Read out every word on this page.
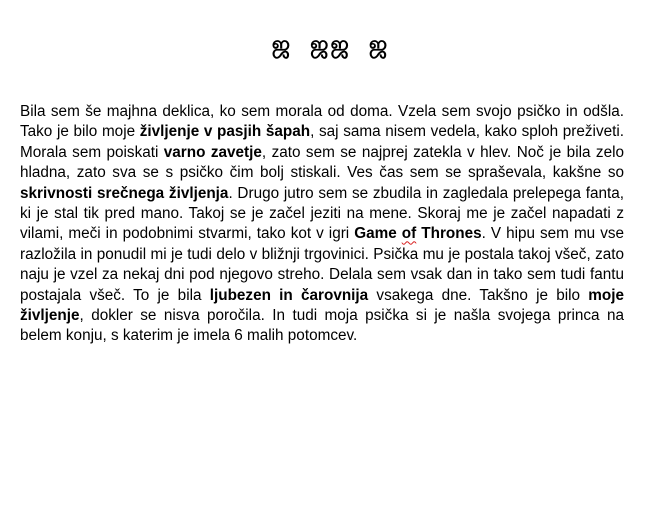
ஜ ஜஜ ஜ
Bila sem še majhna deklica, ko sem morala od doma. Vzela sem svojo psičko in odšla. Tako je bilo moje življenje v pasjih šapah, saj sama nisem vedela, kako sploh preživeti. Morala sem poiskati varno zavetje, zato sem se najprej zatekla v hlev. Noč je bila zelo hladna, zato sva se s psičko čim bolj stiskali. Ves čas sem se spraševala, kakšne so skrivnosti srečnega življenja. Drugo jutro sem se zbudila in zagledala prelepega fanta, ki je stal tik pred mano. Takoj se je začel jeziti na mene. Skoraj me je začel napadati z vilami, meči in podobnimi stvarmi, tako kot v igri Game of Thrones. V hipu sem mu vse razložila in ponudil mi je tudi delo v bližnji trgovinici. Psička mu je postala takoj všeč, zato naju je vzel za nekaj dni pod njegovo streho. Delala sem vsak dan in tako sem tudi fantu postajala všeč. To je bila ljubezen in čarovnija vsakega dne. Takšno je bilo moje življenje, dokler se nisva poročila. In tudi moja psička si je našla svojega princa na belem konju, s katerim je imela 6 malih potomcev.
